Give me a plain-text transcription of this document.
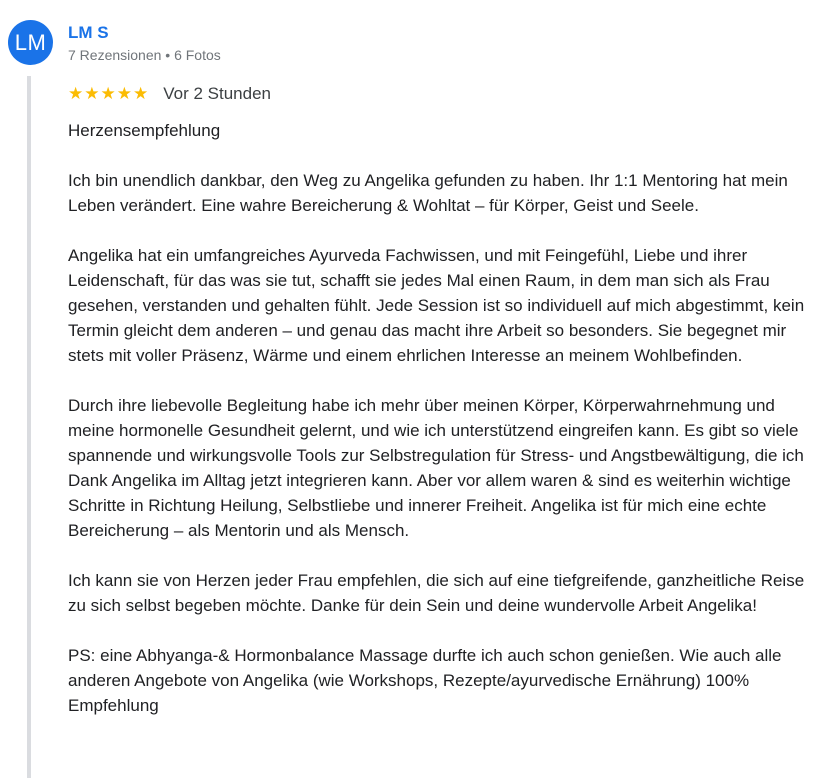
LM	LM S
7 Rezensionen • 6 Fotos
★ ★ ★ ★ ★ Vor 2 Stunden

Herzensempfehlung

Ich bin unendlich dankbar, den Weg zu Angelika gefunden zu haben. Ihr 1:1 Mentoring hat mein Leben verändert. Eine wahre Bereicherung & Wohltat – für Körper, Geist und Seele.

Angelika hat ein umfangreiches Ayurveda Fachwissen, und mit Feingefühl, Liebe und ihrer Leidenschaft, für das was sie tut, schafft sie jedes Mal einen Raum, in dem man sich als Frau gesehen, verstanden und gehalten fühlt. Jede Session ist so individuell auf mich abgestimmt, kein Termin gleicht dem anderen – und genau das macht ihre Arbeit so besonders. Sie begegnet mir stets mit voller Präsenz, Wärme und einem ehrlichen Interesse an meinem Wohlbefinden.

Durch ihre liebevolle Begleitung habe ich mehr über meinen Körper, Körperwahrnehmung und meine hormonelle Gesundheit gelernt, und wie ich unterstützend eingreifen kann. Es gibt so viele spannende und wirkungsvolle Tools zur Selbstregulation für Stress- und Angstbewältigung, die ich Dank Angelika im Alltag jetzt integrieren kann. Aber vor allem waren & sind es weiterhin wichtige Schritte in Richtung Heilung, Selbstliebe und innerer Freiheit. Angelika ist für mich eine echte Bereicherung – als Mentorin und als Mensch.

Ich kann sie von Herzen jeder Frau empfehlen, die sich auf eine tiefgreifende, ganzheitliche Reise zu sich selbst begeben möchte. Danke für dein Sein und deine wundervolle Arbeit Angelika!

PS: eine Abhyanga-& Hormonbalance Massage durfte ich auch schon genießen. Wie auch alle anderen Angebote von Angelika (wie Workshops, Rezepte/ayurvedische Ernährung) 100% Empfehlung
